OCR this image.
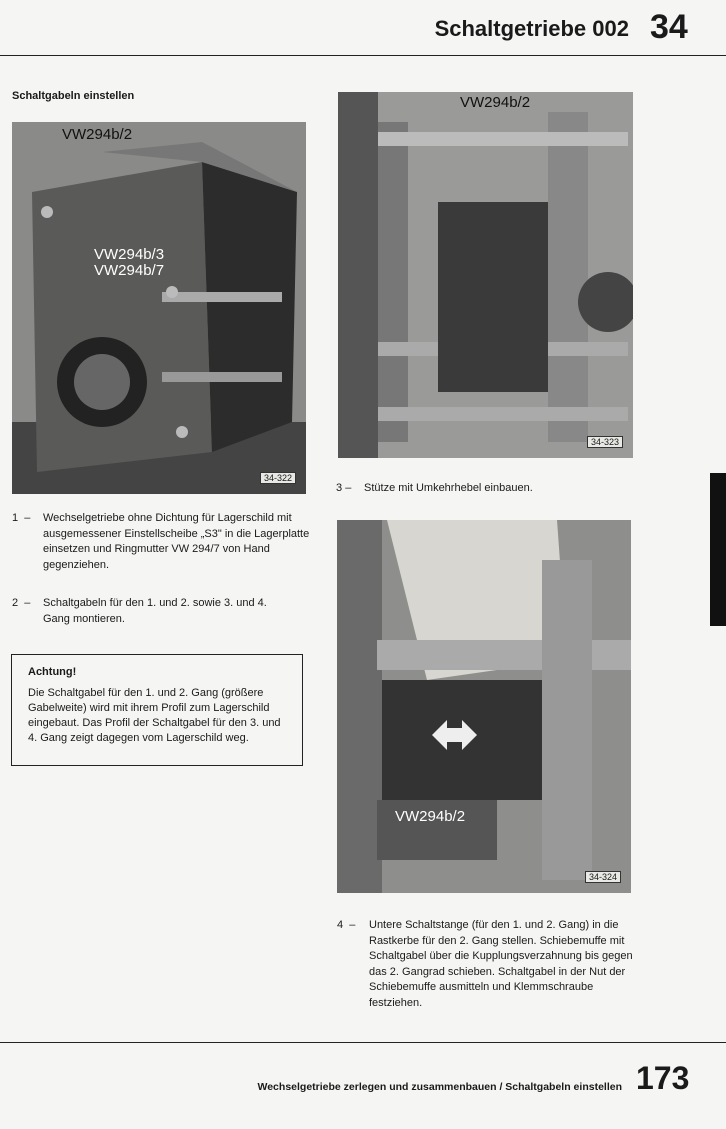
Schaltgetriebe 002 34
Schaltgabeln einstellen
VW294b/2
VW294b/3
VW294b/7
34-322
VW294b/2
34-323
3 – Stütze mit Umkehrhebel einbauen.
VW294b/2
34-324
1 – Wechselgetriebe ohne Dichtung für Lagerschild mit ausgemessener Einstellscheibe „S3" in die Lagerplatte einsetzen und Ringmutter VW 294/7 von Hand gegenziehen.
2 – Schaltgabeln für den 1. und 2. sowie 3. und 4. Gang montieren.
Achtung!
Die Schaltgabel für den 1. und 2. Gang (größere Gabelweite) wird mit ihrem Profil zum Lagerschild eingebaut. Das Profil der Schaltgabel für den 3. und 4. Gang zeigt dagegen vom Lagerschild weg.
4 – Untere Schaltstange (für den 1. und 2. Gang) in die Rastkerbe für den 2. Gang stellen. Schiebemuffe mit Schaltgabel über die Kupplungsverzahnung bis gegen das 2. Gangrad schieben. Schaltgabel in der Nut der Schiebemuffe ausmitteln und Klemmschraube festziehen.
Wechselgetriebe zerlegen und zusammenbauen / Schaltgabeln einstellen 173
